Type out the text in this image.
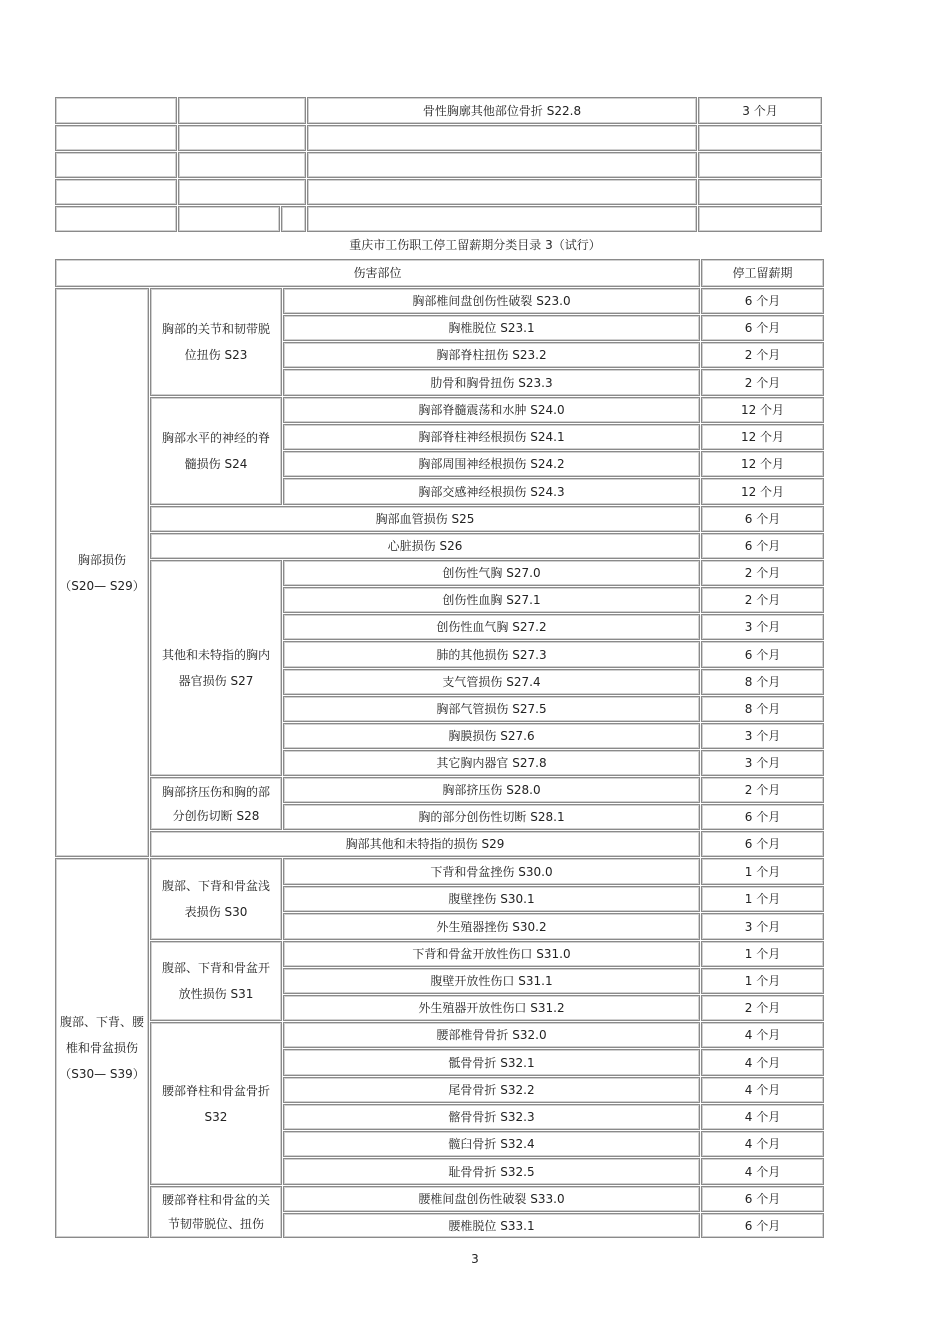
骨性胸廓其他部位骨折 S22.8	3 个月
重庆市工伤职工停工留薪期分类目录 3（试行）
伤害部位	停工留薪期
胸部损伤
（S20— S29）
胸部的关节和韧带脱
位扭伤 S23
胸部椎间盘创伤性破裂 S23.0	6 个月
胸椎脱位 S23.1	6 个月
胸部脊柱扭伤 S23.2	2 个月
肋骨和胸骨扭伤 S23.3	2 个月
胸部水平的神经的脊
髓损伤 S24
胸部脊髓震荡和水肿 S24.0	12 个月
胸部脊柱神经根损伤 S24.1	12 个月
胸部周围神经根损伤 S24.2	12 个月
胸部交感神经根损伤 S24.3	12 个月
胸部血管损伤 S25	6 个月
心脏损伤 S26	6 个月
其他和未特指的胸内
器官损伤 S27
创伤性气胸 S27.0	2 个月
创伤性血胸 S27.1	2 个月
创伤性血气胸 S27.2	3 个月
肺的其他损伤 S27.3	6 个月
支气管损伤 S27.4	8 个月
胸部气管损伤 S27.5	8 个月
胸膜损伤 S27.6	3 个月
其它胸内器官 S27.8	3 个月
胸部挤压伤和胸的部
分创伤切断 S28
胸部挤压伤 S28.0	2 个月
胸的部分创伤性切断 S28.1	6 个月
胸部其他和未特指的损伤 S29	6 个月
腹部、下背、腰
椎和骨盆损伤
（S30— S39）
腹部、下背和骨盆浅
表损伤 S30
下背和骨盆挫伤 S30.0	1 个月
腹壁挫伤 S30.1	1 个月
外生殖器挫伤 S30.2	3 个月
腹部、下背和骨盆开
放性损伤 S31
下背和骨盆开放性伤口 S31.0	1 个月
腹壁开放性伤口 S31.1	1 个月
外生殖器开放性伤口 S31.2	2 个月
腰部脊柱和骨盆骨折
S32
腰部椎骨骨折 S32.0	4 个月
骶骨骨折 S32.1	4 个月
尾骨骨折 S32.2	4 个月
髂骨骨折 S32.3	4 个月
髋臼骨折 S32.4	4 个月
耻骨骨折 S32.5	4 个月
腰部脊柱和骨盆的关
节韧带脱位、扭伤
腰椎间盘创伤性破裂 S33.0	6 个月
腰椎脱位 S33.1	6 个月
3
